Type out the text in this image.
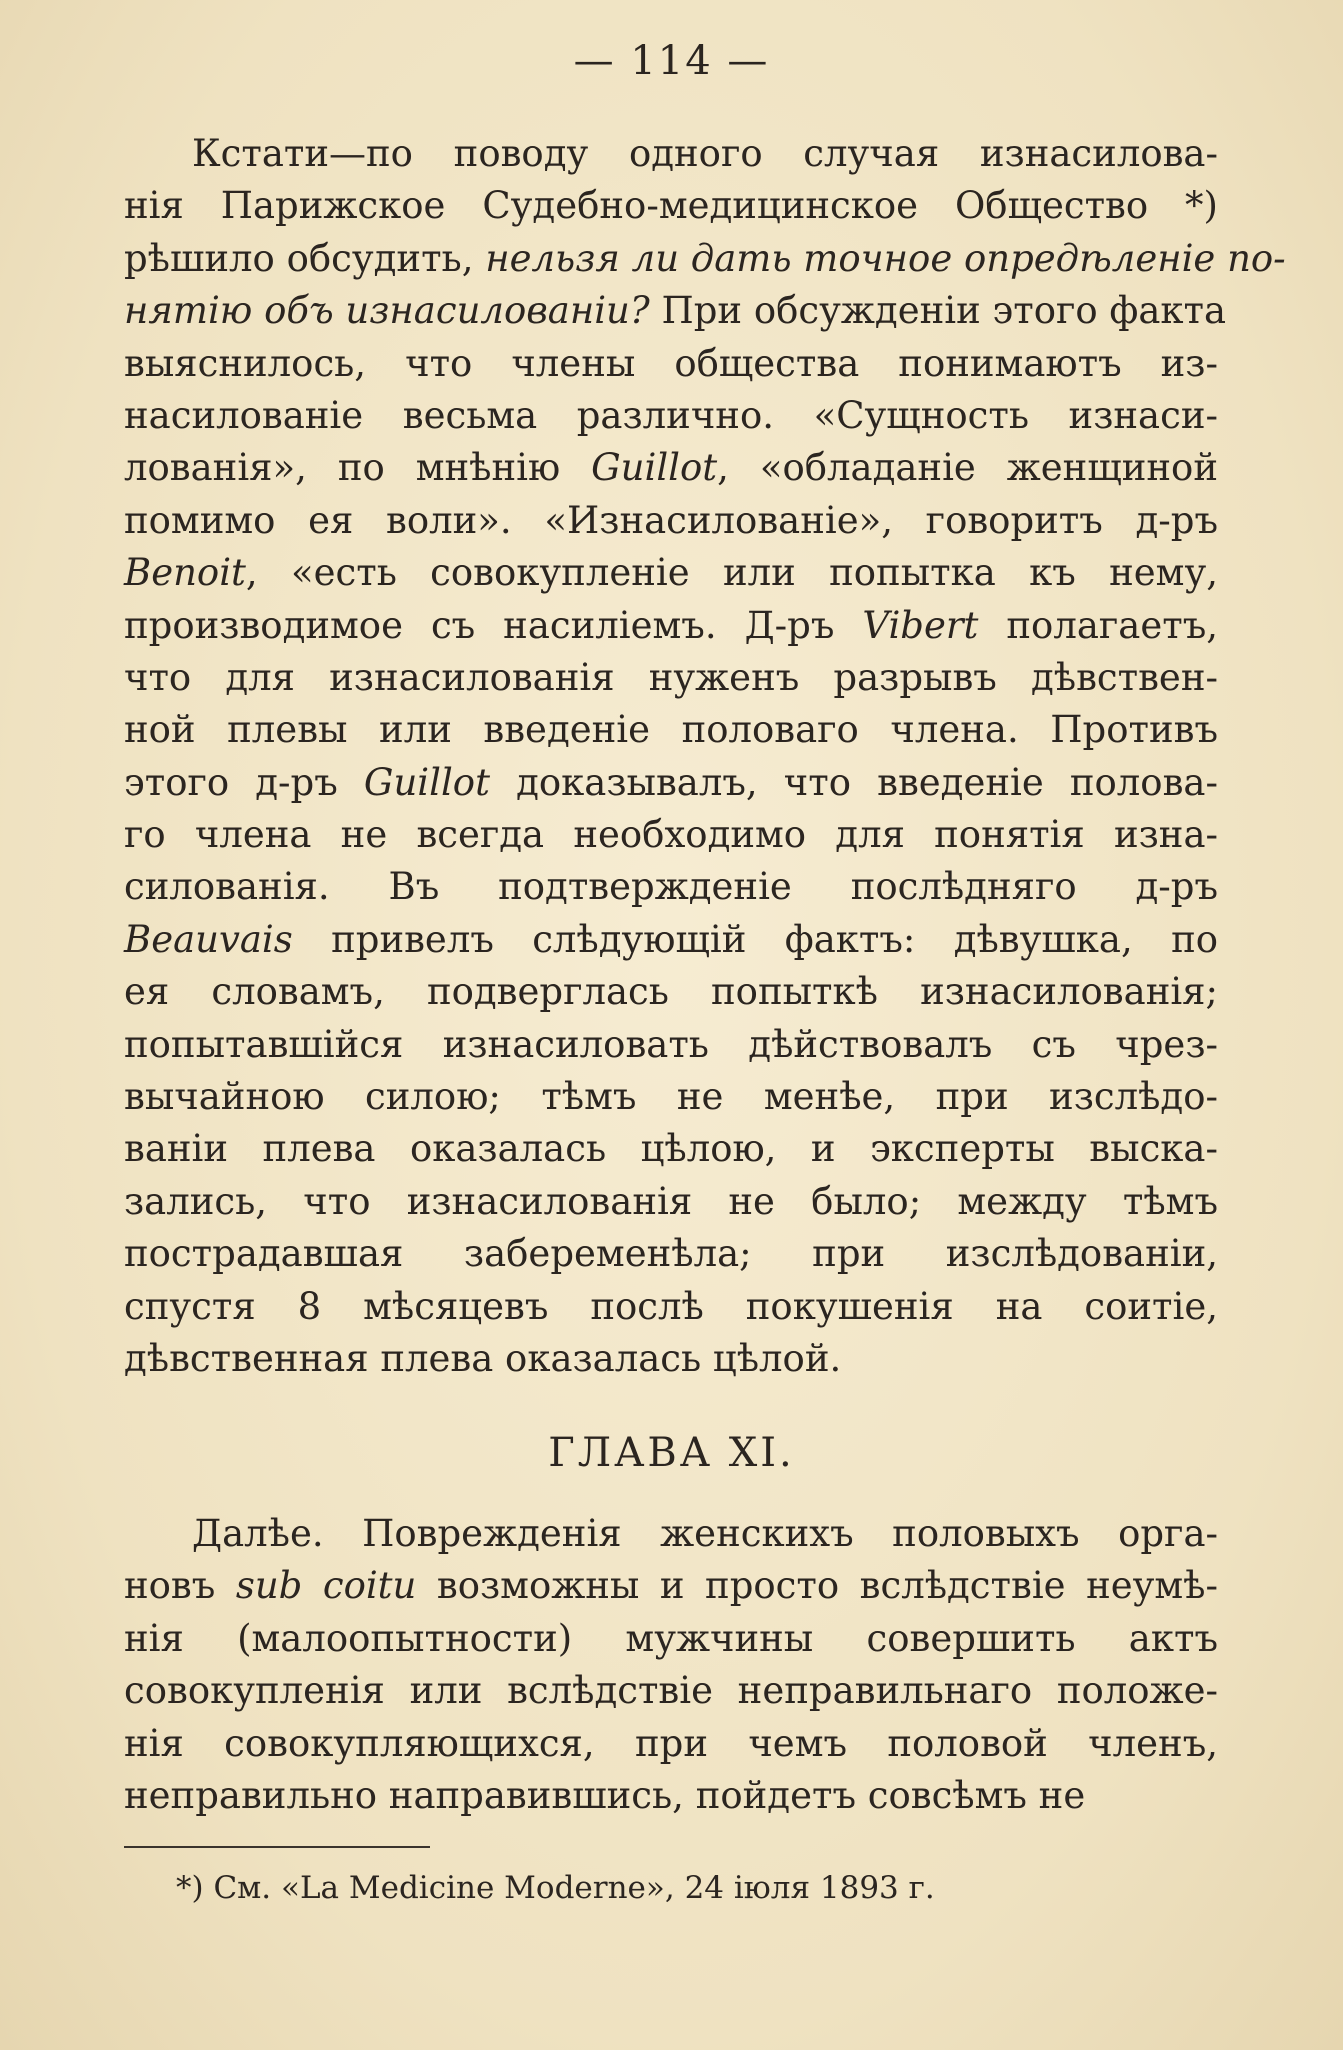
— 114 —
Кстати—по поводу одного случая изнасилова-
нія Парижское Судебно-медицинское Общество *)
рѣшило обсудить, нельзя ли дать точное опредѣленіе по-
нятію объ изнасилованіи? При обсужденіи этого факта
выяснилось, что члены общества понимаютъ из-
насилованіе весьма различно. «Сущность изнаси-
лованія», по мнѣнію Guillot, «обладаніе женщиной
помимо ея воли». «Изнасилованіе», говоритъ д-ръ
Benoit, «есть совокупленіе или попытка къ нему,
производимое съ насиліемъ. Д-ръ Vibert полагаетъ,
что для изнасилованія нуженъ разрывъ дѣвствен-
ной плевы или введеніе половаго члена. Противъ
этого д-ръ Guillot доказывалъ, что введеніе полова-
го члена не всегда необходимо для понятія изна-
силованія. Въ подтвержденіе послѣдняго д-ръ
Beauvais привелъ слѣдующій фактъ: дѣвушка, по
ея словамъ, подверглась попыткѣ изнасилованія;
попытавшійся изнасиловать дѣйствовалъ съ чрез-
вычайною силою; тѣмъ не менѣе, при изслѣдо-
ваніи плева оказалась цѣлою, и эксперты выска-
зались, что изнасилованія не было; между тѣмъ
пострадавшая забеременѣла; при изслѣдованіи,
спустя 8 мѣсяцевъ послѣ покушенія на соитіе,
дѣвственная плева оказалась цѣлой.
ГЛАВА XI.
Далѣе. Поврежденія женскихъ половыхъ орга-
новъ sub coitu возможны и просто вслѣдствіе неумѣ-
нія (малоопытности) мужчины совершить актъ
совокупленія или вслѣдствіе неправильнаго положе-
нія совокупляющихся, при чемъ половой членъ,
неправильно направившись, пойдетъ совсѣмъ не
*) См. «La Medicine Moderne», 24 іюля 1893 г.
